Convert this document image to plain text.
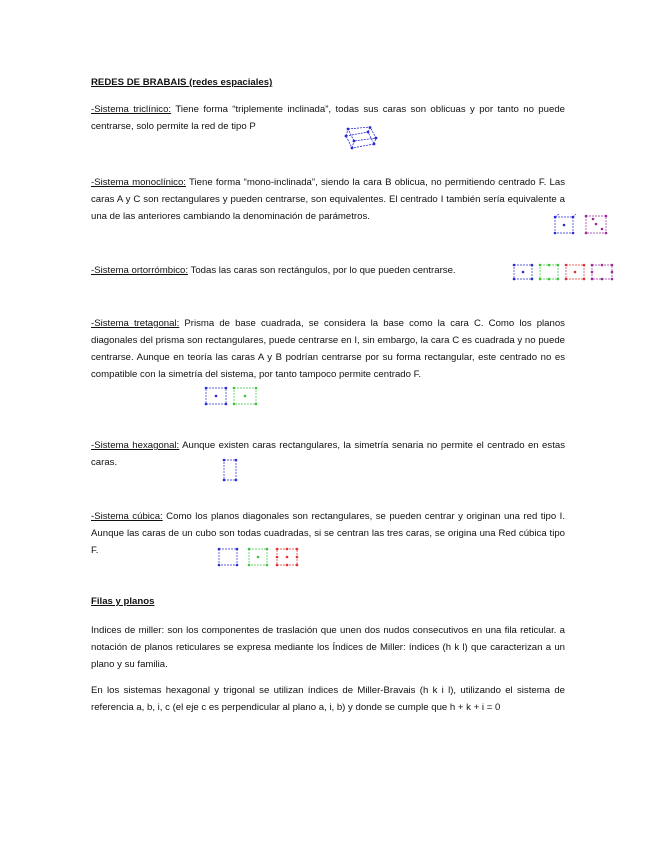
REDES DE BRABAIS (redes espaciales)
-Sistema triclínico: Tiene forma “triplemente inclinada”, todas sus caras son oblicuas y por tanto no puede centrarse, solo permite la red de tipo P
-Sistema monoclínico: Tiene forma “mono-inclinada”, siendo la cara B oblicua, no permitiendo centrado F. Las caras A y C son rectangulares y pueden centrarse, son equivalentes. El centrado I también sería equivalente a una de las anteriores cambiando la denominación de parámetros.
-Sistema ortorrómbico: Todas las caras son rectángulos, por lo que pueden centrarse.
-Sistema tretagonal: Prisma de base cuadrada, se considera la base como la cara C. Como los planos diagonales del prisma son rectangulares, puede centrarse en I, sin embargo, la cara C es cuadrada y no puede centrarse. Aunque en teoría las caras A y B podrían centrarse por su forma rectangular, este centrado no es compatible con la simetría del sistema, por tanto tampoco permite centrado F.
-Sistema hexagonal: Aunque existen caras rectangulares, la simetría senaria no permite el centrado en estas caras.
-Sistema cúbica: Como los planos diagonales son rectangulares, se pueden centrar y originan una red tipo I. Aunque las caras de un cubo son todas cuadradas, si se centran las tres caras, se origina una Red cúbica tipo F.
Filas y planos
Indices de miller: son los componentes de traslación que unen dos nudos consecutivos en una fila reticular. a notación de planos reticulares se expresa mediante los Índices de Miller: índices (h k l) que caracterizan a un plano y su familia.
En los sistemas hexagonal y trigonal se utilizan índices de Miller-Bravais (h k i l), utilizando el sistema de referencia a, b, i, c (el eje c es perpendicular al plano a, i, b) y donde se cumple que h + k + i = 0
